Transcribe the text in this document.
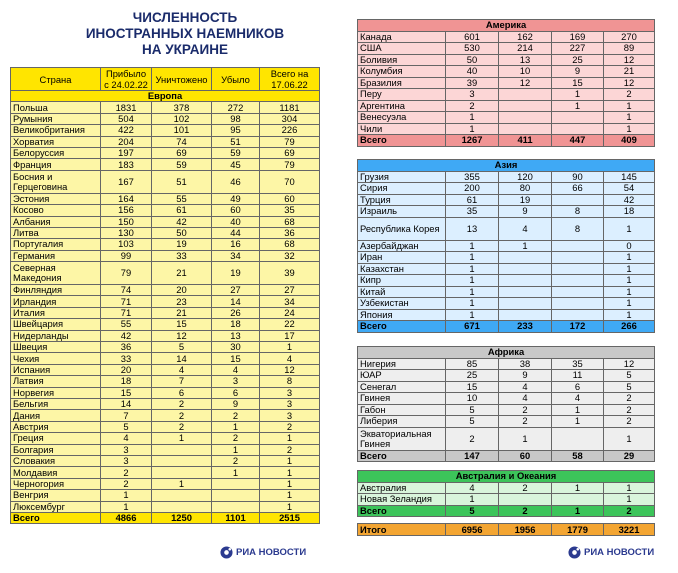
ЧИСЛЕННОСТЬ
ИНОСТРАННЫХ НАЕМНИКОВ
НА УКРАИНЕ
Страна	Прибыло с 24.02.22	Уничтожено	Убыло	Всего на 17.06.22
Европа				
Польша	1831	378	272	1181
Румыния	504	102	98	304
Великобритания	422	101	95	226
Хорватия	204	74	51	79
Белоруссия	197	69	59	69
Франция	183	59	45	79
Босния и Герцеговина	167	51	46	70
Эстония	164	55	49	60
Косово	156	61	60	35
Албания	150	42	40	68
Литва	130	50	44	36
Португалия	103	19	16	68
Германия	99	33	34	32
Северная Македония	79	21	19	39
Финляндия	74	20	27	27
Ирландия	71	23	14	34
Италия	71	21	26	24
Швейцария	55	15	18	22
Нидерланды	42	12	13	17
Швеция	36	5	30	1
Чехия	33	14	15	4
Испания	20	4	4	12
Латвия	18	7	3	8
Норвегия	15	6	6	3
Бельгия	14	2	9	3
Дания	7	2	2	3
Австрия	5	2	1	2
Греция	4	1	2	1
Болгария	3		1	2
Словакия	3		2	1
Молдавия	2		1	1
Черногория	2	1		1
Венгрия	1			1
Люксембург	1			1
Всего	4866	1250	1101	2515
Америка				
Канада	601	162	169	270
США	530	214	227	89
Боливия	50	13	25	12
Колумбия	40	10	9	21
Бразилия	39	12	15	12
Перу	3		1	2
Аргентина	2		1	1
Венесуэла	1			1
Чили	1			1
Всего	1267	411	447	409
Азия				
Грузия	355	120	90	145
Сирия	200	80	66	54
Турция	61	19		42
Израиль	35	9	8	18
Республика Корея	13	4	8	1
Азербайджан	1	1		0
Иран	1			1
Казахстан	1			1
Кипр	1			1
Китай	1			1
Узбекистан	1			1
Япония	1			1
Всего	671	233	172	266
Африка				
Нигерия	85	38	35	12
ЮАР	25	9	11	5
Сенегал	15	4	6	5
Гвинея	10	4	4	2
Габон	5	2	1	2
Либерия	5	2	1	2
Экваториальная Гвинея	2	1		1
Всего	147	60	58	29
Австралия и Океания				
Австралия	4	2	1	1
Новая Зеландия	1			1
Всего	5	2	1	2
Итого	6956	1956	1779	3221
РИА НОВОСТИ	РИА НОВОСТИ
